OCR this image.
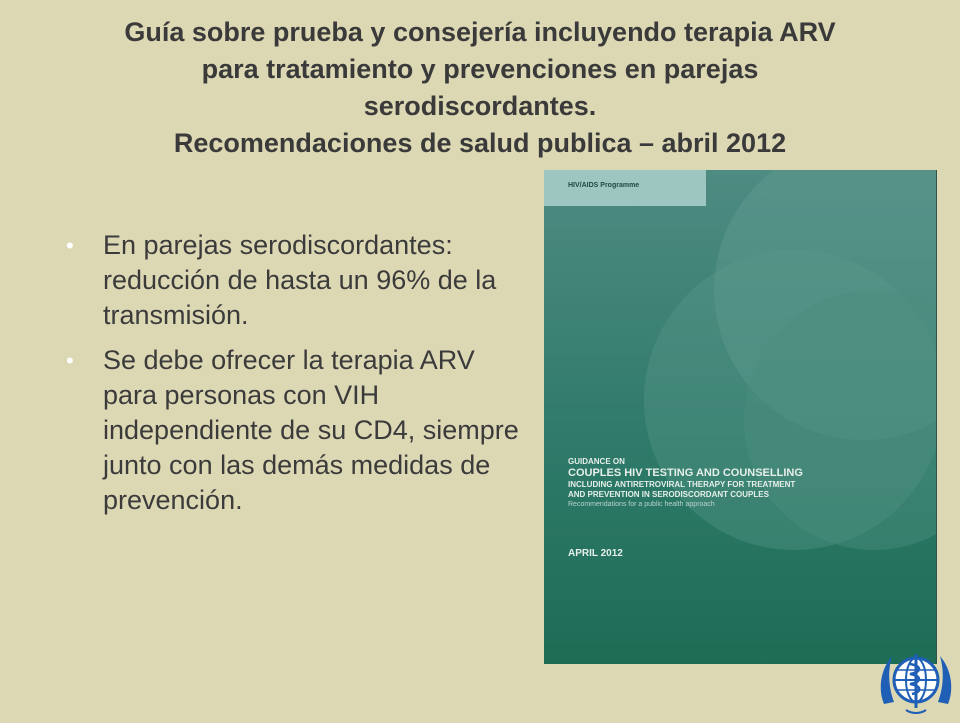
Guía sobre prueba y consejería incluyendo terapia ARV
para tratamiento y prevenciones en parejas
serodiscordantes.
Recomendaciones de salud publica – abril 2012
• En parejas serodiscordantes: reducción de hasta un 96% de la transmisión.
• Se debe ofrecer la terapia ARV para personas con VIH independiente de su CD4, siempre junto con las demás medidas de prevención.
HIV/AIDS Programme
GUIDANCE ON
COUPLES HIV TESTING AND COUNSELLING
INCLUDING ANTIRETROVIRAL THERAPY FOR TREATMENT
AND PREVENTION IN SERODISCORDANT COUPLES
Recommendations for a public health approach
APRIL 2012
